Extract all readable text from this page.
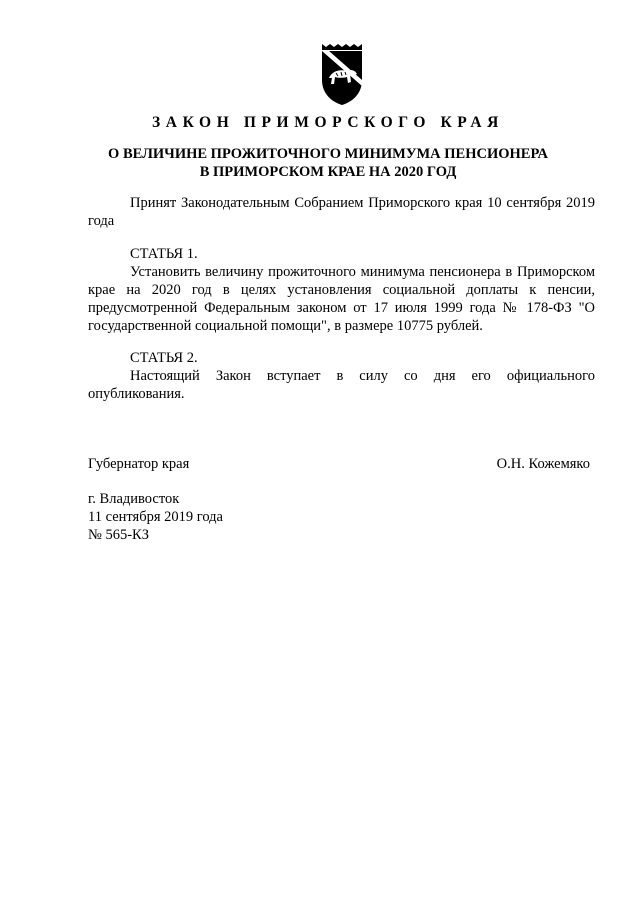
ЗАКОН ПРИМОРСКОГО КРАЯ
О ВЕЛИЧИНЕ ПРОЖИТОЧНОГО МИНИМУМА ПЕНСИОНЕРА
В ПРИМОРСКОМ КРАЕ НА 2020 ГОД
Принят Законодательным Собранием Приморского края 10 сентября 2019 года
СТАТЬЯ 1.
Установить величину прожиточного минимума пенсионера в Приморском крае на 2020 год в целях установления социальной доплаты к пенсии, предусмотренной Федеральным законом от 17 июля 1999 года № 178-ФЗ "О государственной социальной помощи", в размере 10775 рублей.
СТАТЬЯ 2.
Настоящий Закон вступает в силу со дня его официального опубликования.
Губернатор края	О.Н. Кожемяко
г. Владивосток
11 сентября 2019 года
№ 565-КЗ
